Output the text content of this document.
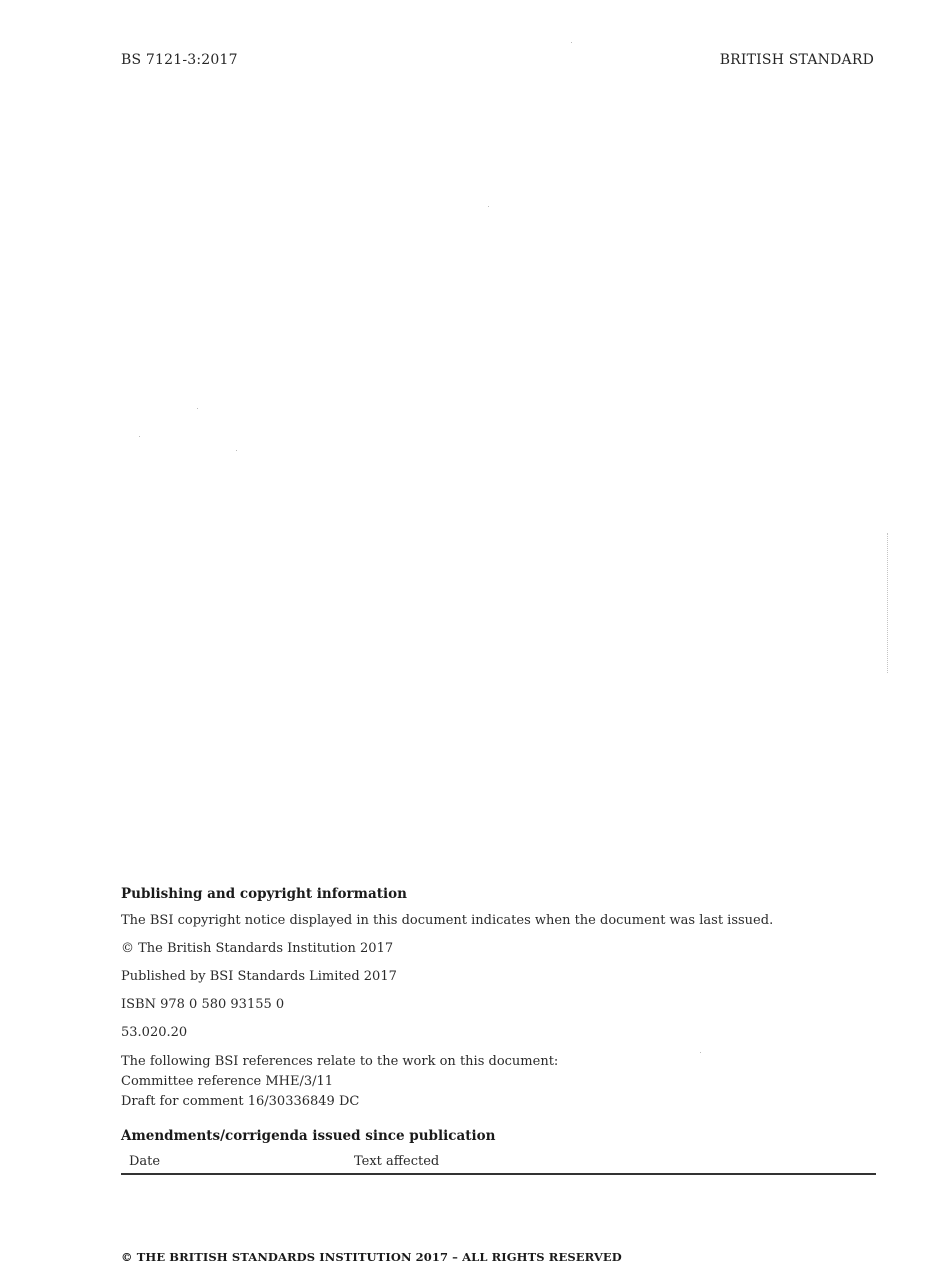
BS 7121-3:2017	BRITISH STANDARD
Publishing and copyright information

The BSI copyright notice displayed in this document indicates when the document was last issued.

© The British Standards Institution 2017

Published by BSI Standards Limited 2017

ISBN 978 0 580 93155 0

53.020.20

The following BSI references relate to the work on this document:
Committee reference MHE/3/11
Draft for comment 16/30336849 DC
Amendments/corrigenda issued since publication
Date	Text affected
© THE BRITISH STANDARDS INSTITUTION 2017 – ALL RIGHTS RESERVED
